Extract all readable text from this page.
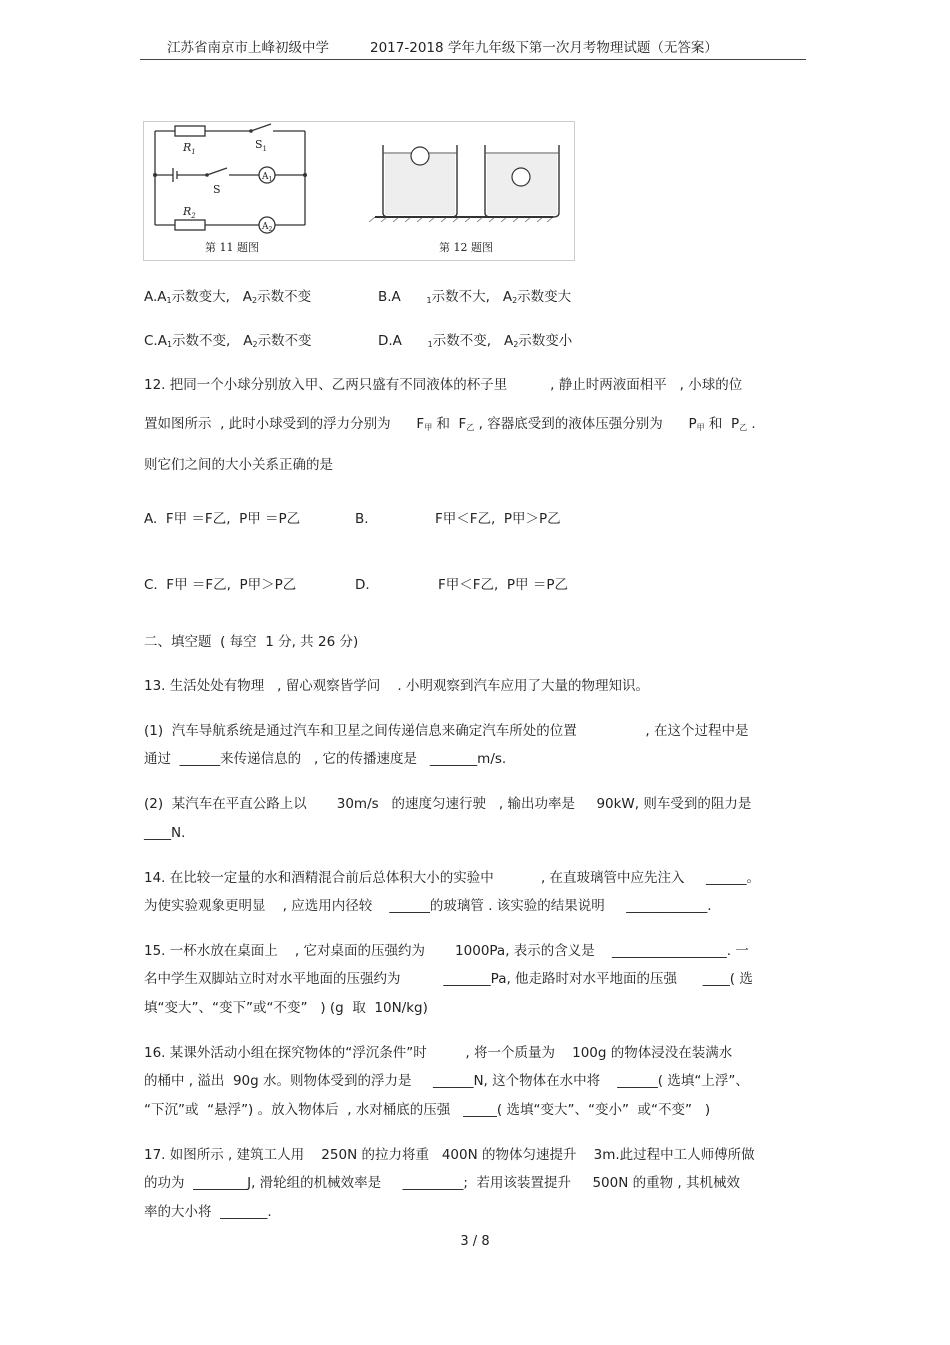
江苏省南京市上峰初级中学	2017-2018 学年九年级下第一次月考物理试题（无答案）
$R_1$
$S_1$
S
$A_1$
$R_2$
$A_2$
第 11 题图	第 12 题图
$A.A_1$示数变大, $A_2$示数不变	B.A	$_1$示数不大, $A_2$示数变大
$C.A_1$示数不变, $A_2$示数不变	D.A	$_1$示数不变, $A_2$示数变小
12. 把同一个小球分别放入甲、乙两只盛有不同液体的杯子里          , 静止时两液面相平   , 小球的位
置如图所示  , 此时小球受到的浮力分别为 $F_甲$ 和  $F_乙$ , 容器底受到的液体压强分别为 $P_甲$ 和  $P_乙$ .
则它们之间的大小关系正确的是
A.  F甲 ＝F乙,  P甲 ＝P乙	B.	F甲＜F乙,  P甲＞P乙
C.  F甲 ＝F乙,  P甲＞P乙	D.	F甲＜F乙,  P甲 ＝P乙
二、填空题  ( 每空  1 分, 共 26 分)
13. 生活处处有物理   , 留心观察皆学问    . 小明观察到汽车应用了大量的物理知识。
(1)  汽车导航系统是通过汽车和卫星之间传递信息来确定汽车所处的位置                , 在这个过程中是
通过  ______来传递信息的   , 它的传播速度是   _______m/s.
(2)  某汽车在平直公路上以       30m/s   的速度匀速行驶   , 输出功率是     90kW, 则车受到的阻力是
____N.
14. 在比较一定量的水和酒精混合前后总体积大小的实验中           , 在直玻璃管中应先注入     ______。
为使实验观象更明显    , 应选用内径较    ______的玻璃管 . 该实验的结果说明     ____________.
15. 一杯水放在桌面上    , 它对桌面的压强约为       1000Pa, 表示的含义是    _________________. 一
名中学生双脚站立时对水平地面的压强约为          _______Pa, 他走路时对水平地面的压强      ____( 选
填“变大”、“变下”或“不变”   ) (g  取  10N/kg)
16. 某课外活动小组在探究物体的“浮沉条件”时         , 将一个质量为    100g 的物体浸没在装满水
的桶中 , 溢出  90g 水。则物体受到的浮力是     ______N, 这个物体在水中将    ______( 选填“上浮”、
“下沉”或  “悬浮”) 。放入物体后  , 水对桶底的压强   _____( 选填“变大”、“变小”  或“不变”   )
17. 如图所示 , 建筑工人用    250N 的拉力将重   400N 的物体匀速提升    3m.此过程中工人师傅所做
的功为  ________J, 滑轮组的机械效率是     _________;  若用该装置提升     500N 的重物 , 其机械效
率的大小将  _______.
3 / 8
